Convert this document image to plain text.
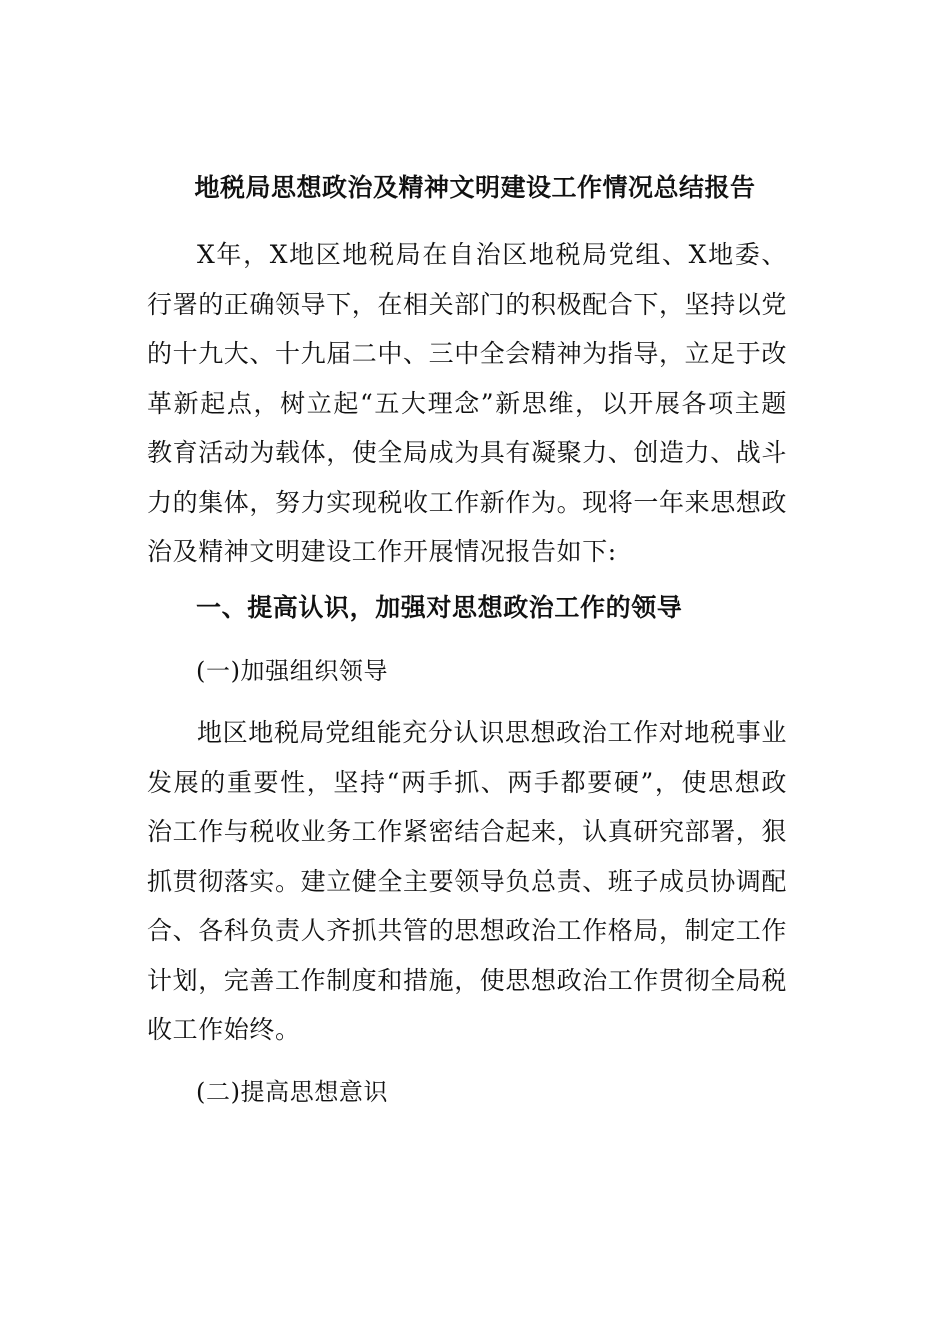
地税局思想政治及精神文明建设工作情况总结报告

X年，X地区地税局在自治区地税局党组、X地委、行署的正确领导下，在相关部门的积极配合下，坚持以党的十九大、十九届二中、三中全会精神为指导，立足于改革新起点，树立起“五大理念”新思维，以开展各项主题教育活动为载体，使全局成为具有凝聚力、创造力、战斗力的集体，努力实现税收工作新作为。现将一年来思想政治及精神文明建设工作开展情况报告如下:

一、提高认识，加强对思想政治工作的领导
(一)加强组织领导

地区地税局党组能充分认识思想政治工作对地税事业发展的重要性，坚持“两手抓、两手都要硬”，使思想政治工作与税收业务工作紧密结合起来，认真研究部署，狠抓贯彻落实。建立健全主要领导负总责、班子成员协调配合、各科负责人齐抓共管的思想政治工作格局，制定工作计划，完善工作制度和措施，使思想政治工作贯彻全局税收工作始终。

(二)提高思想意识
